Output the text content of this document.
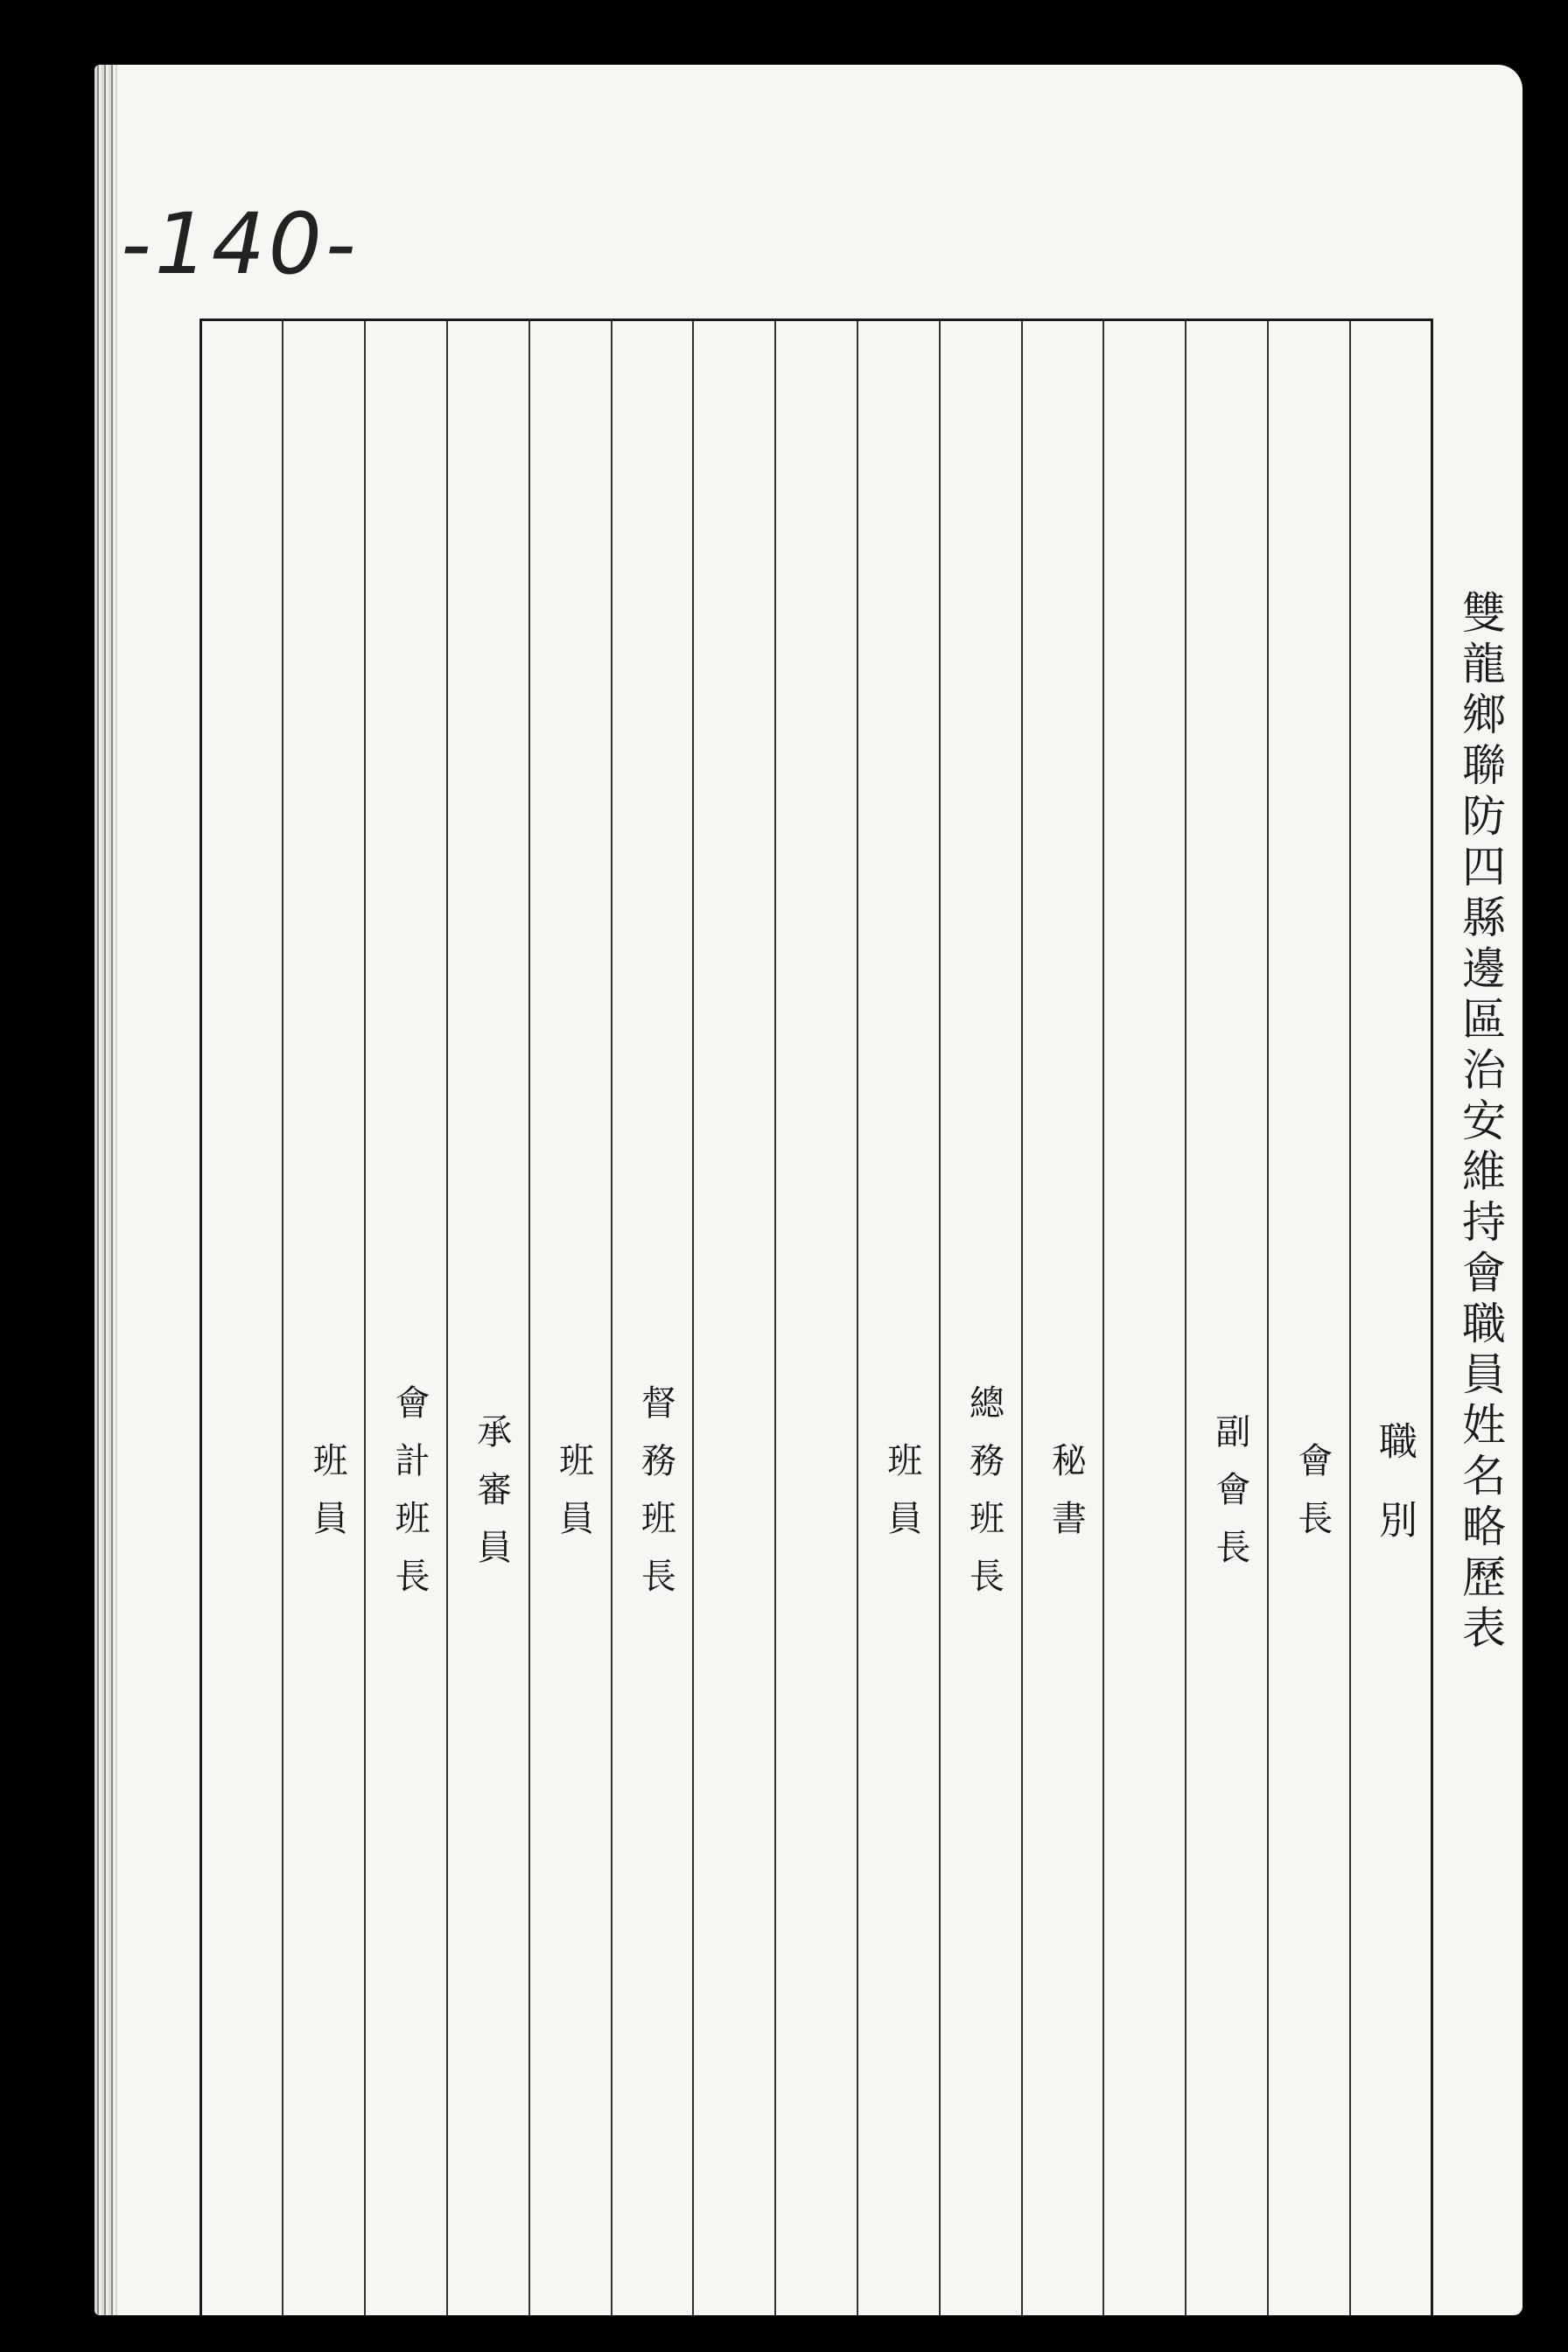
-140-
雙龍鄉聯防四縣邊區治安維持會職員姓名略歷表
職別	會長	副會長		秘書	總務班長	班員			督務班長	班員	承審員	會計班長	班員	
